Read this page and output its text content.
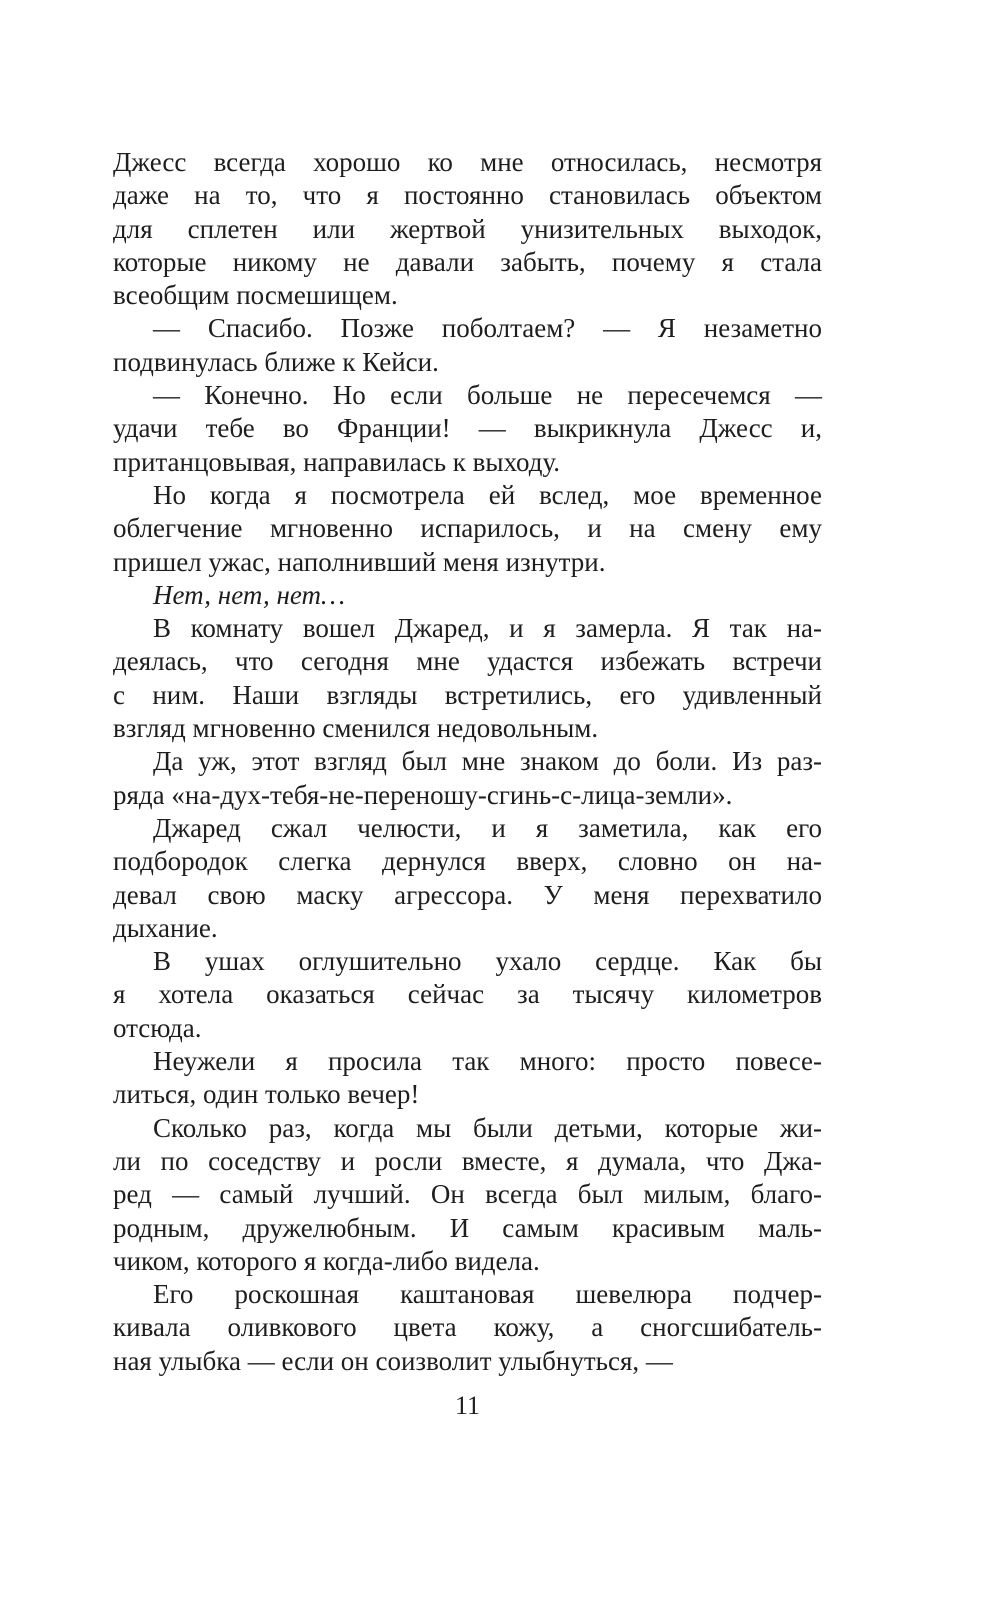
Джесс всегда хорошо ко мне относилась, несмотря
даже на то, что я постоянно становилась объектом
для сплетен или жертвой унизительных выходок,
которые никому не давали забыть, почему я стала
всеобщим посмешищем.

— Спасибо. Позже поболтаем? — Я незаметно
подвинулась ближе к Кейси.

— Конечно. Но если больше не пересечемся —
удачи тебе во Франции! — выкрикнула Джесс и,
пританцовывая, направилась к выходу.

Но когда я посмотрела ей вслед, мое временное
облегчение мгновенно испарилось, и на смену ему
пришел ужас, наполнивший меня изнутри.

Нет, нет, нет…

В комнату вошел Джаред, и я замерла. Я так на-
деялась, что сегодня мне удастся избежать встречи
с ним. Наши взгляды встретились, его удивленный
взгляд мгновенно сменился недовольным.

Да уж, этот взгляд был мне знаком до боли. Из раз-
ряда «на-дух-тебя-не-переношу-сгинь-с-лица-земли».

Джаред сжал челюсти, и я заметила, как его
подбородок слегка дернулся вверх, словно он на-
девал свою маску агрессора. У меня перехватило
дыхание.

В ушах оглушительно ухало сердце. Как бы
я хотела оказаться сейчас за тысячу километров
отсюда.

Неужели я просила так много: просто повесе-
литься, один только вечер!

Сколько раз, когда мы были детьми, которые жи-
ли по соседству и росли вместе, я думала, что Джа-
ред — самый лучший. Он всегда был милым, благо-
родным, дружелюбным. И самым красивым маль-
чиком, которого я когда-либо видела.

Его роскошная каштановая шевелюра подчер-
кивала оливкового цвета кожу, а сногсшибатель-
ная улыбка — если он соизволит улыбнуться, —

11
